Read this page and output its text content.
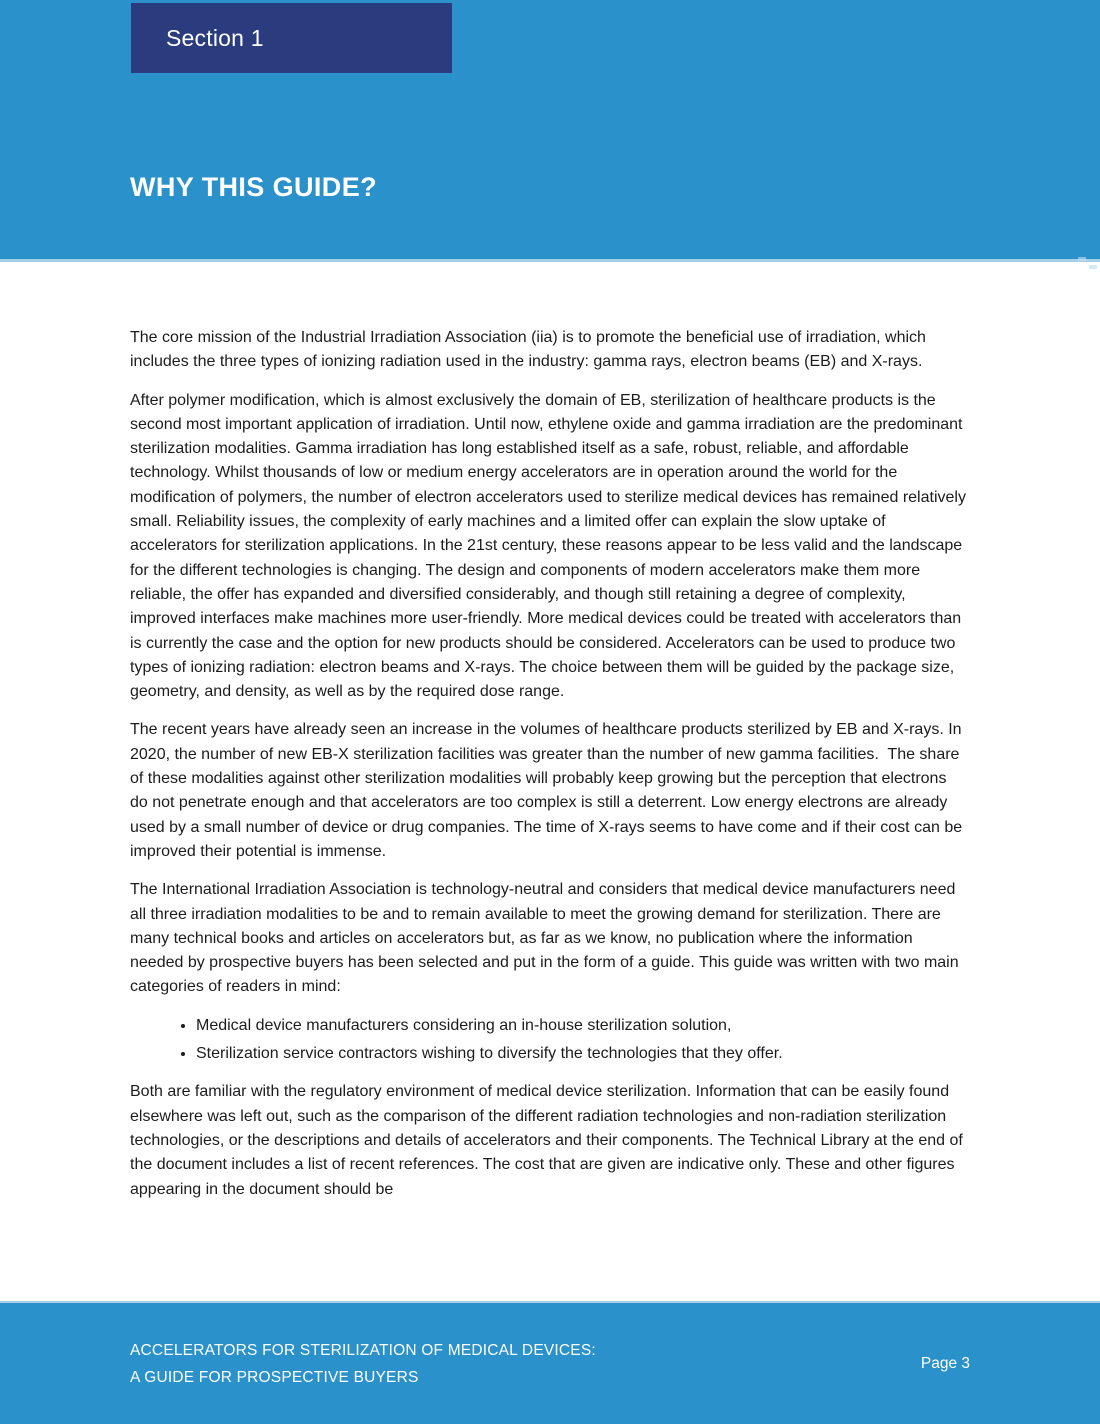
Section 1
WHY THIS GUIDE?

The core mission of the Industrial Irradiation Association (iia) is to promote the beneficial use of irradiation, which includes the three types of ionizing radiation used in the industry: gamma rays, electron beams (EB) and X-rays.

After polymer modification, which is almost exclusively the domain of EB, sterilization of healthcare products is the second most important application of irradiation. Until now, ethylene oxide and gamma irradiation are the predominant sterilization modalities. Gamma irradiation has long established itself as a safe, robust, reliable, and affordable technology. Whilst thousands of low or medium energy accelerators are in operation around the world for the modification of polymers, the number of electron accelerators used to sterilize medical devices has remained relatively small. Reliability issues, the complexity of early machines and a limited offer can explain the slow uptake of accelerators for sterilization applications. In the 21st century, these reasons appear to be less valid and the landscape for the different technologies is changing. The design and components of modern accelerators make them more reliable, the offer has expanded and diversified considerably, and though still retaining a degree of complexity, improved interfaces make machines more user-friendly. More medical devices could be treated with accelerators than is currently the case and the option for new products should be considered. Accelerators can be used to produce two types of ionizing radiation: electron beams and X-rays. The choice between them will be guided by the package size, geometry, and density, as well as by the required dose range.

The recent years have already seen an increase in the volumes of healthcare products sterilized by EB and X-rays. In 2020, the number of new EB-X sterilization facilities was greater than the number of new gamma facilities.  The share of these modalities against other sterilization modalities will probably keep growing but the perception that electrons do not penetrate enough and that accelerators are too complex is still a deterrent. Low energy electrons are already used by a small number of device or drug companies. The time of X-rays seems to have come and if their cost can be improved their potential is immense.

The International Irradiation Association is technology-neutral and considers that medical device manufacturers need all three irradiation modalities to be and to remain available to meet the growing demand for sterilization. There are many technical books and articles on accelerators but, as far as we know, no publication where the information needed by prospective buyers has been selected and put in the form of a guide. This guide was written with two main categories of readers in mind:

• Medical device manufacturers considering an in-house sterilization solution,
• Sterilization service contractors wishing to diversify the technologies that they offer.

Both are familiar with the regulatory environment of medical device sterilization. Information that can be easily found elsewhere was left out, such as the comparison of the different radiation technologies and non-radiation sterilization technologies, or the descriptions and details of accelerators and their components. The Technical Library at the end of the document includes a list of recent references. The cost that are given are indicative only. These and other figures appearing in the document should be

ACCELERATORS FOR STERILIZATION OF MEDICAL DEVICES:
A GUIDE FOR PROSPECTIVE BUYERS
Page 3
